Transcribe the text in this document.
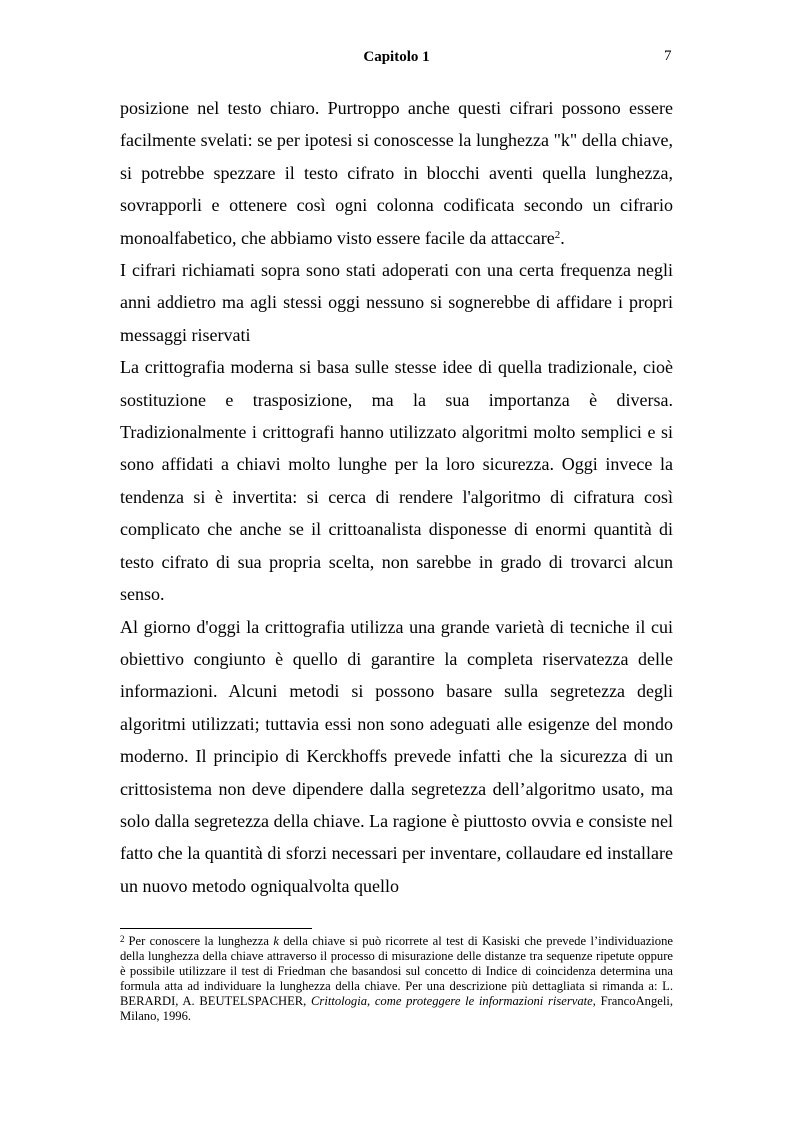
Capitolo 1	7

posizione nel testo chiaro. Purtroppo anche questi cifrari possono essere facilmente svelati: se per ipotesi si conoscesse la lunghezza "k" della chiave, si potrebbe spezzare il testo cifrato in blocchi aventi quella lunghezza, sovrapporli e ottenere così ogni colonna codificata secondo un cifrario monoalfabetico, che abbiamo visto essere facile da attaccare$^2$.

I cifrari richiamati sopra sono stati adoperati con una certa frequenza negli anni addietro ma agli stessi oggi nessuno si sognerebbe di affidare i propri messaggi riservati

La crittografia moderna si basa sulle stesse idee di quella tradizionale, cioè sostituzione e trasposizione, ma la sua importanza è diversa. Tradizionalmente i crittografi hanno utilizzato algoritmi molto semplici e si sono affidati a chiavi molto lunghe per la loro sicurezza. Oggi invece la tendenza si è invertita: si cerca di rendere l'algoritmo di cifratura così complicato che anche se il crittoanalista disponesse di enormi quantità di testo cifrato di sua propria scelta, non sarebbe in grado di trovarci alcun senso.

Al giorno d'oggi la crittografia utilizza una grande varietà di tecniche il cui obiettivo congiunto è quello di garantire la completa riservatezza delle informazioni. Alcuni metodi si possono basare sulla segretezza degli algoritmi utilizzati; tuttavia essi non sono adeguati alle esigenze del mondo moderno. Il principio di Kerckhoffs prevede infatti che la sicurezza di un crittosistema non deve dipendere dalla segretezza dell’algoritmo usato, ma solo dalla segretezza della chiave. La ragione è piuttosto ovvia e consiste nel fatto che la quantità di sforzi necessari per inventare, collaudare ed installare un nuovo metodo ogniqualvolta quello

$^2$ Per conoscere la lunghezza k della chiave si può ricorrete al test di Kasiski che prevede l’individuazione della lunghezza della chiave attraverso il processo di misurazione delle distanze tra sequenze ripetute oppure è possibile utilizzare il test di Friedman che basandosi sul concetto di Indice di coincidenza determina una formula atta ad individuare la lunghezza della chiave. Per una descrizione più dettagliata si rimanda a: L. BERARDI, A. BEUTELSPACHER, Crittologia, come proteggere le informazioni riservate, FrancoAngeli, Milano, 1996.
